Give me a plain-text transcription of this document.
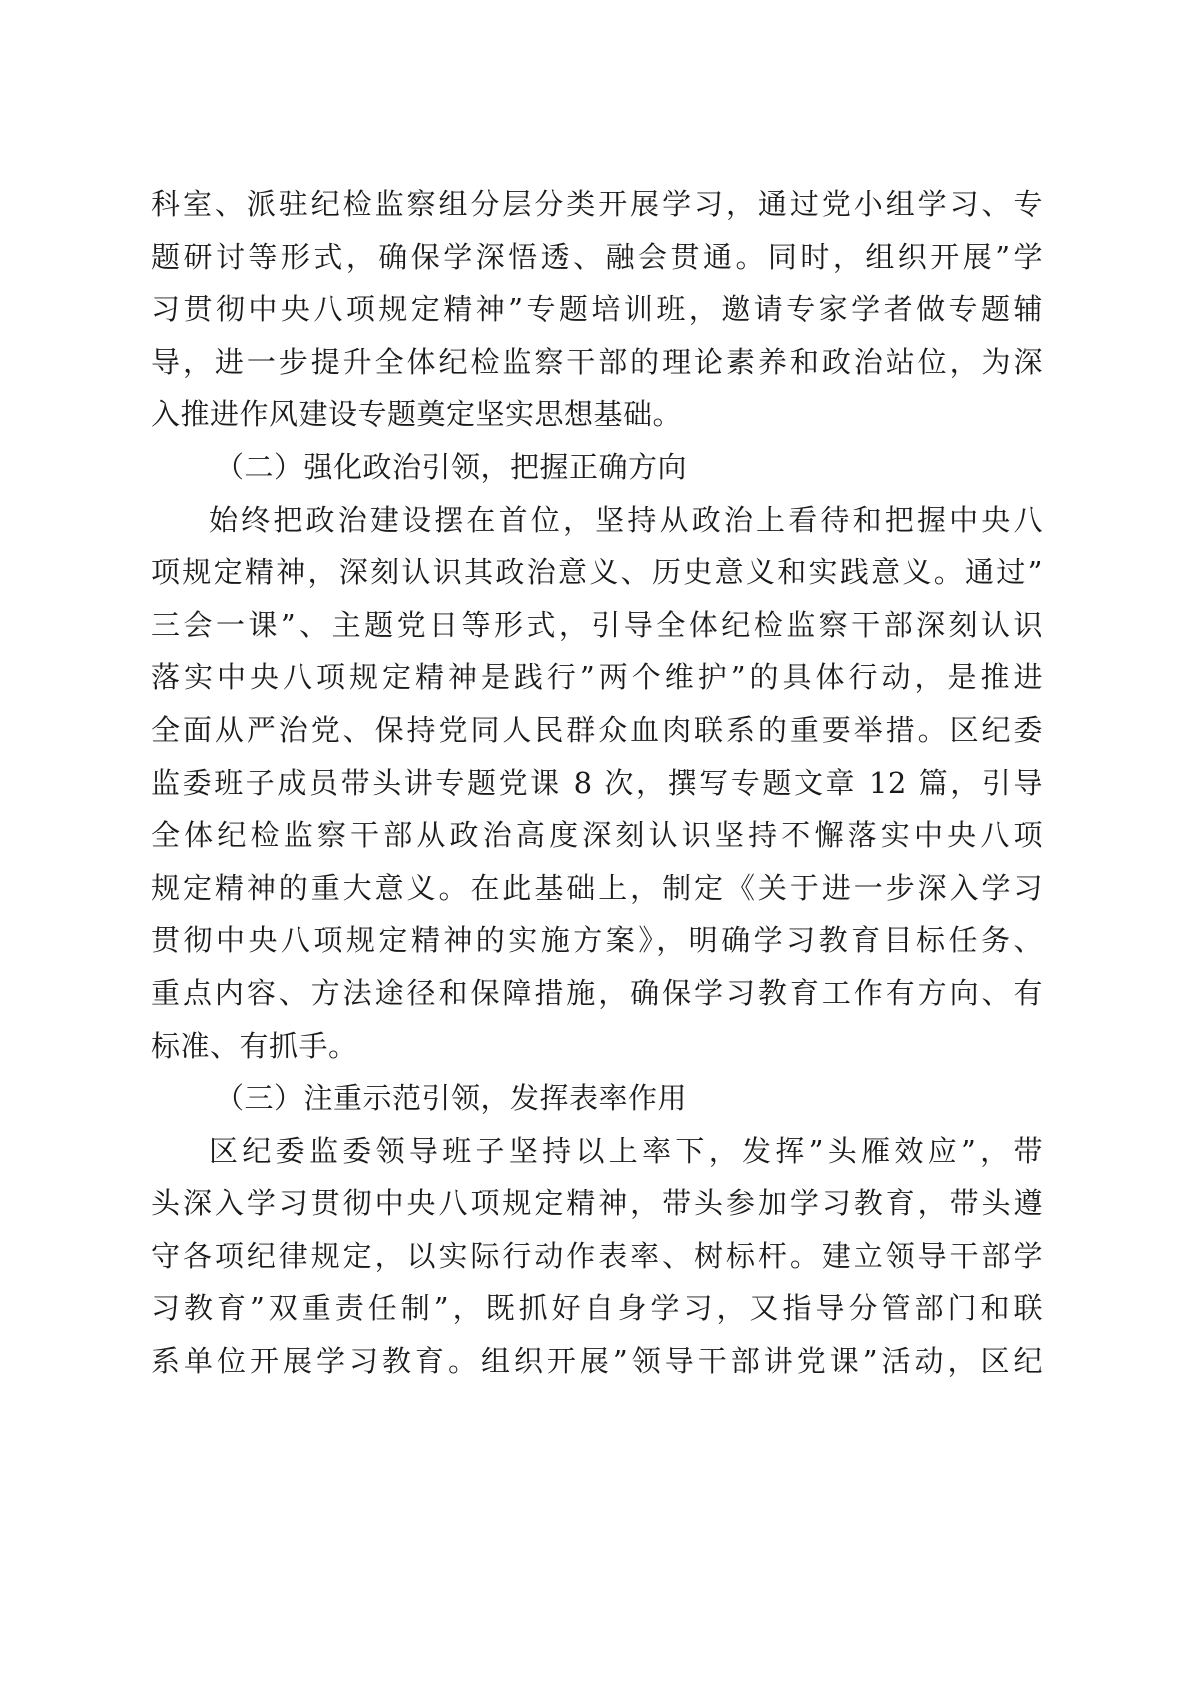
科室、派驻纪检监察组分层分类开展学习，通过党小组学习、专
题研讨等形式，确保学深悟透、融会贯通。同时，组织开展”学
习贯彻中央八项规定精神”专题培训班，邀请专家学者做专题辅
导，进一步提升全体纪检监察干部的理论素养和政治站位，为深
入推进作风建设专题奠定坚实思想基础。
（二）强化政治引领，把握正确方向
始终把政治建设摆在首位，坚持从政治上看待和把握中央八
项规定精神，深刻认识其政治意义、历史意义和实践意义。通过”
三会一课”、主题党日等形式，引导全体纪检监察干部深刻认识
落实中央八项规定精神是践行”两个维护”的具体行动，是推进
全面从严治党、保持党同人民群众血肉联系的重要举措。区纪委
监委班子成员带头讲专题党课 8 次，撰写专题文章 12 篇，引导
全体纪检监察干部从政治高度深刻认识坚持不懈落实中央八项
规定精神的重大意义。在此基础上，制定《关于进一步深入学习
贯彻中央八项规定精神的实施方案》，明确学习教育目标任务、
重点内容、方法途径和保障措施，确保学习教育工作有方向、有
标准、有抓手。
（三）注重示范引领，发挥表率作用
区纪委监委领导班子坚持以上率下，发挥”头雁效应”，带
头深入学习贯彻中央八项规定精神，带头参加学习教育，带头遵
守各项纪律规定，以实际行动作表率、树标杆。建立领导干部学
习教育”双重责任制”，既抓好自身学习，又指导分管部门和联
系单位开展学习教育。组织开展”领导干部讲党课”活动，区纪
